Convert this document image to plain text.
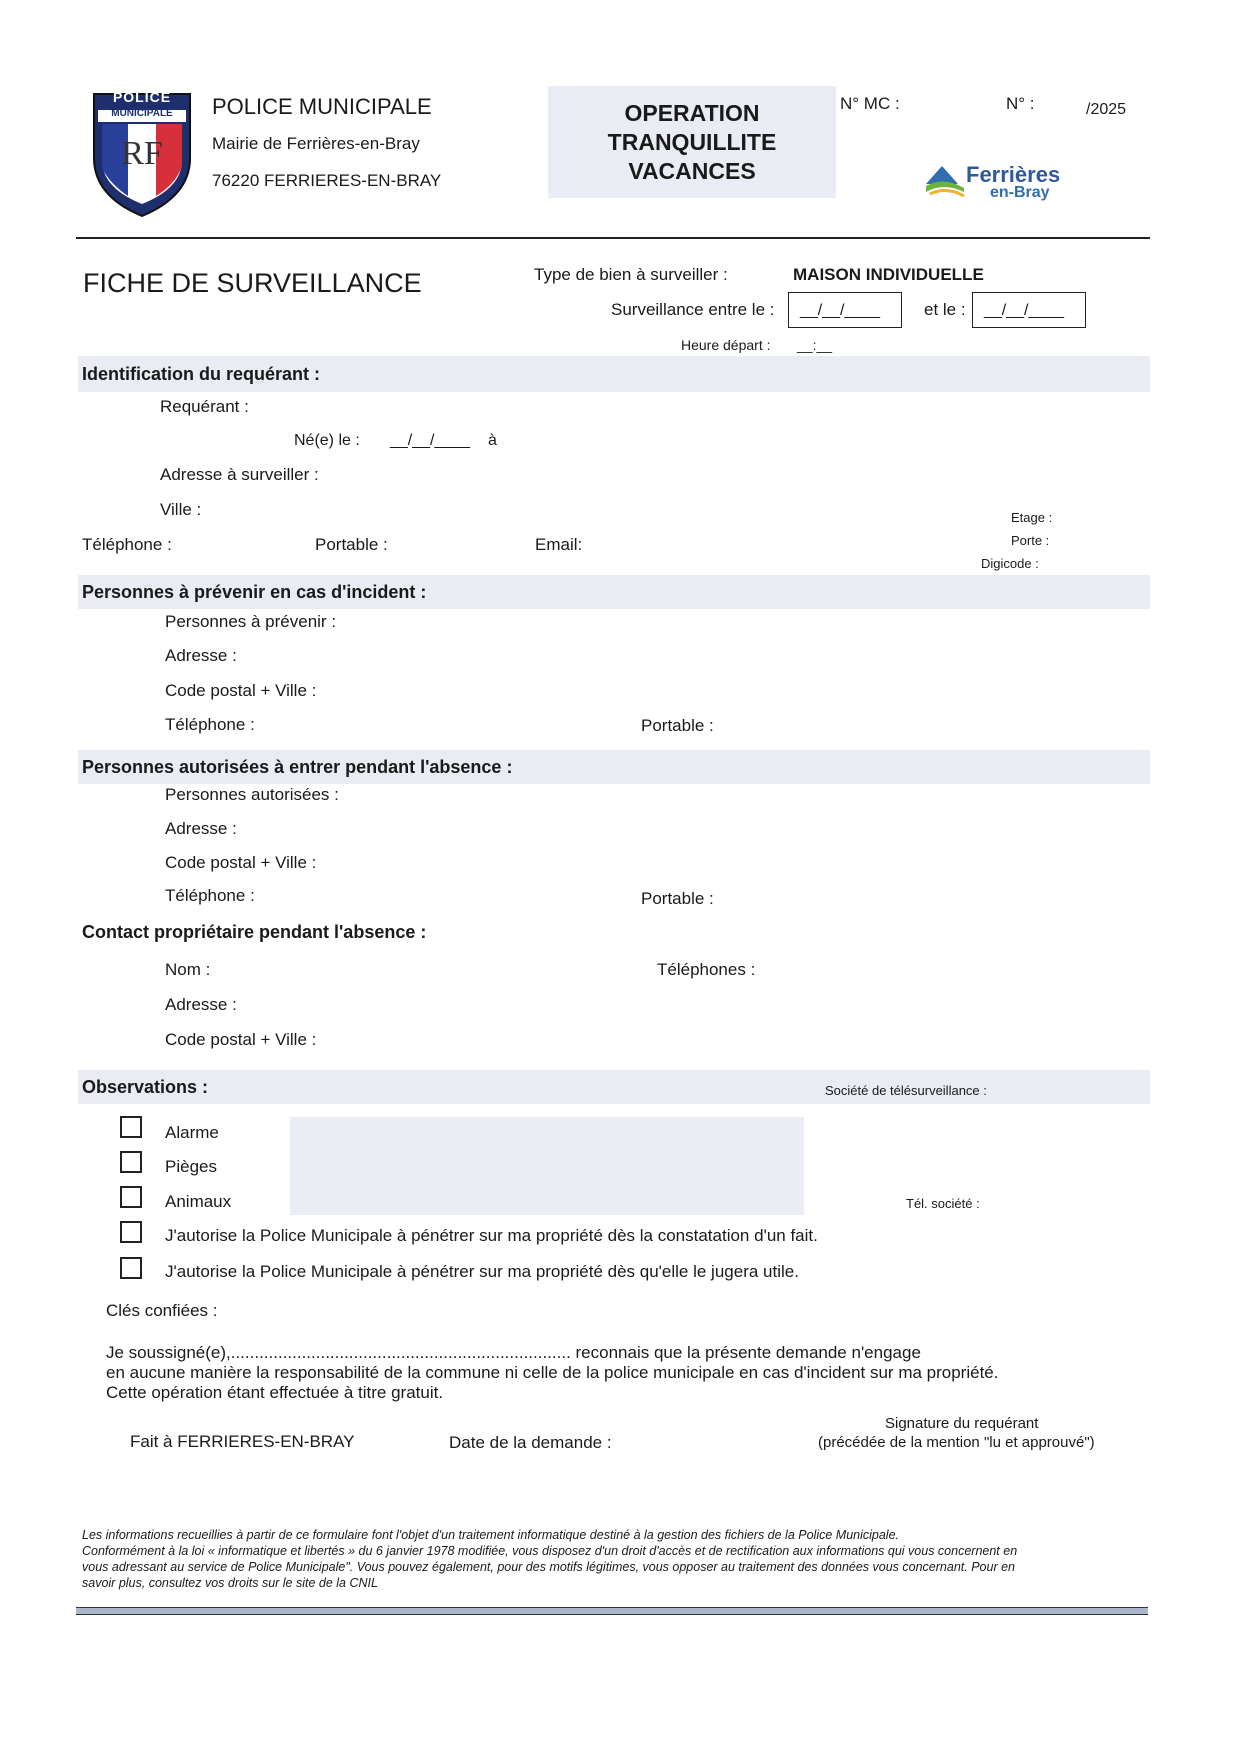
POLICE
MUNICIPALE
RF
POLICE MUNICIPALE
Mairie de Ferrières-en-Bray
76220 FERRIERES-EN-BRAY
OPERATION
TRANQUILLITE
VACANCES
N° MC :	N° :	/2025
Ferrières
en-Bray
FICHE DE SURVEILLANCE	Type de bien à surveiller :	MAISON INDIVIDUELLE
Surveillance entre le : __/__/____	et le : __/__/____
Heure départ : __:__
Identification du requérant :
Requérant :
Né(e) le : __/__/____ à
Adresse à surveiller :
Ville :	Etage :
Téléphone :	Portable :	Email:	Porte :
Digicode :
Personnes à prévenir en cas d'incident :
Personnes à prévenir :
Adresse :
Code postal + Ville :
Téléphone :	Portable :
Personnes autorisées à entrer pendant l'absence :
Personnes autorisées :
Adresse :
Code postal + Ville :
Téléphone :	Portable :
Contact propriétaire pendant l'absence :
Nom :	Téléphones :
Adresse :
Code postal + Ville :
Observations :	Société de télésurveillance :
Alarme
Pièges
Animaux	Tél. société :
J'autorise la Police Municipale à pénétrer sur ma propriété dès la constatation d'un fait.
J'autorise la Police Municipale à pénétrer sur ma propriété dès qu'elle le jugera utile.
Clés confiées :
Je soussigné(e),........................................................................ reconnais que la présente demande n'engage
en aucune manière la responsabilité de la commune ni celle de la police municipale en cas d'incident sur ma propriété.
Cette opération étant effectuée à titre gratuit.
Fait à FERRIERES-EN-BRAY	Date de la demande :
Signature du requérant
(précédée de la mention "lu et approuvé")
Les informations recueillies à partir de ce formulaire font l'objet d'un traitement informatique destiné à la gestion des fichiers de la Police Municipale.
Conformément à la loi « informatique et libertés » du 6 janvier 1978 modifiée, vous disposez d'un droit d'accès et de rectification aux informations qui vous concernent en
vous adressant au service de Police Municipale". Vous pouvez également, pour des motifs légitimes, vous opposer au traitement des données vous concernant. Pour en
savoir plus, consultez vos droits sur le site de la CNIL
